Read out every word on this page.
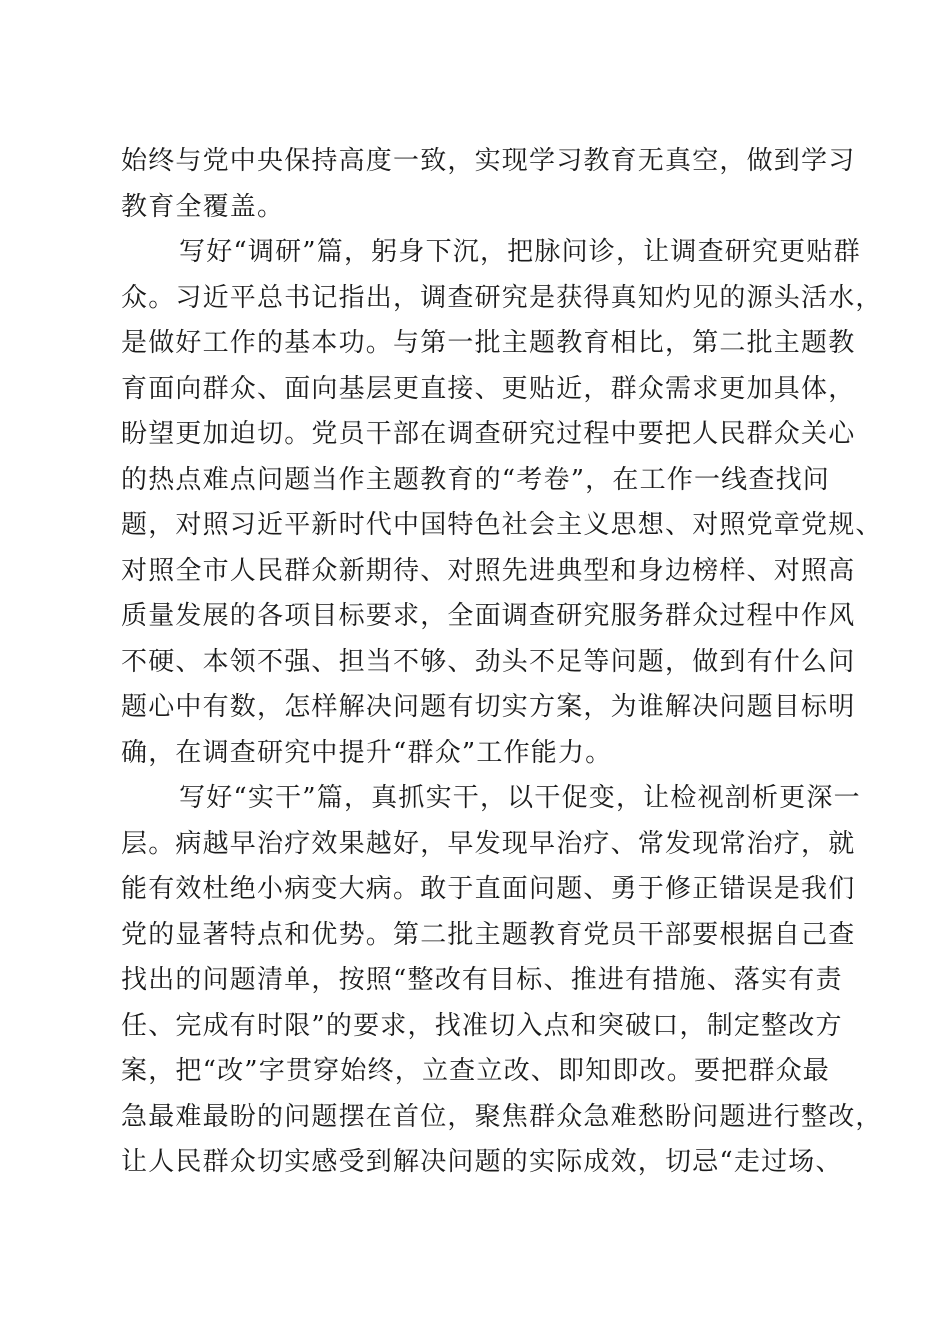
始终与党中央保持高度一致，实现学习教育无真空，做到学习
教育全覆盖。
写好“调研”篇，躬身下沉，把脉问诊，让调查研究更贴群
众。习近平总书记指出，调查研究是获得真知灼见的源头活水，
是做好工作的基本功。与第一批主题教育相比，第二批主题教
育面向群众、面向基层更直接、更贴近，群众需求更加具体，
盼望更加迫切。党员干部在调查研究过程中要把人民群众关心
的热点难点问题当作主题教育的“考卷”，在工作一线查找问
题，对照习近平新时代中国特色社会主义思想、对照党章党规、
对照全市人民群众新期待、对照先进典型和身边榜样、对照高
质量发展的各项目标要求，全面调查研究服务群众过程中作风
不硬、本领不强、担当不够、劲头不足等问题，做到有什么问
题心中有数，怎样解决问题有切实方案，为谁解决问题目标明
确，在调查研究中提升“群众”工作能力。
写好“实干”篇，真抓实干，以干促变，让检视剖析更深一
层。病越早治疗效果越好，早发现早治疗、常发现常治疗，就
能有效杜绝小病变大病。敢于直面问题、勇于修正错误是我们
党的显著特点和优势。第二批主题教育党员干部要根据自己查
找出的问题清单，按照“整改有目标、推进有措施、落实有责
任、完成有时限”的要求，找准切入点和突破口，制定整改方
案，把“改”字贯穿始终，立查立改、即知即改。要把群众最
急最难最盼的问题摆在首位，聚焦群众急难愁盼问题进行整改，
让人民群众切实感受到解决问题的实际成效，切忌“走过场、
